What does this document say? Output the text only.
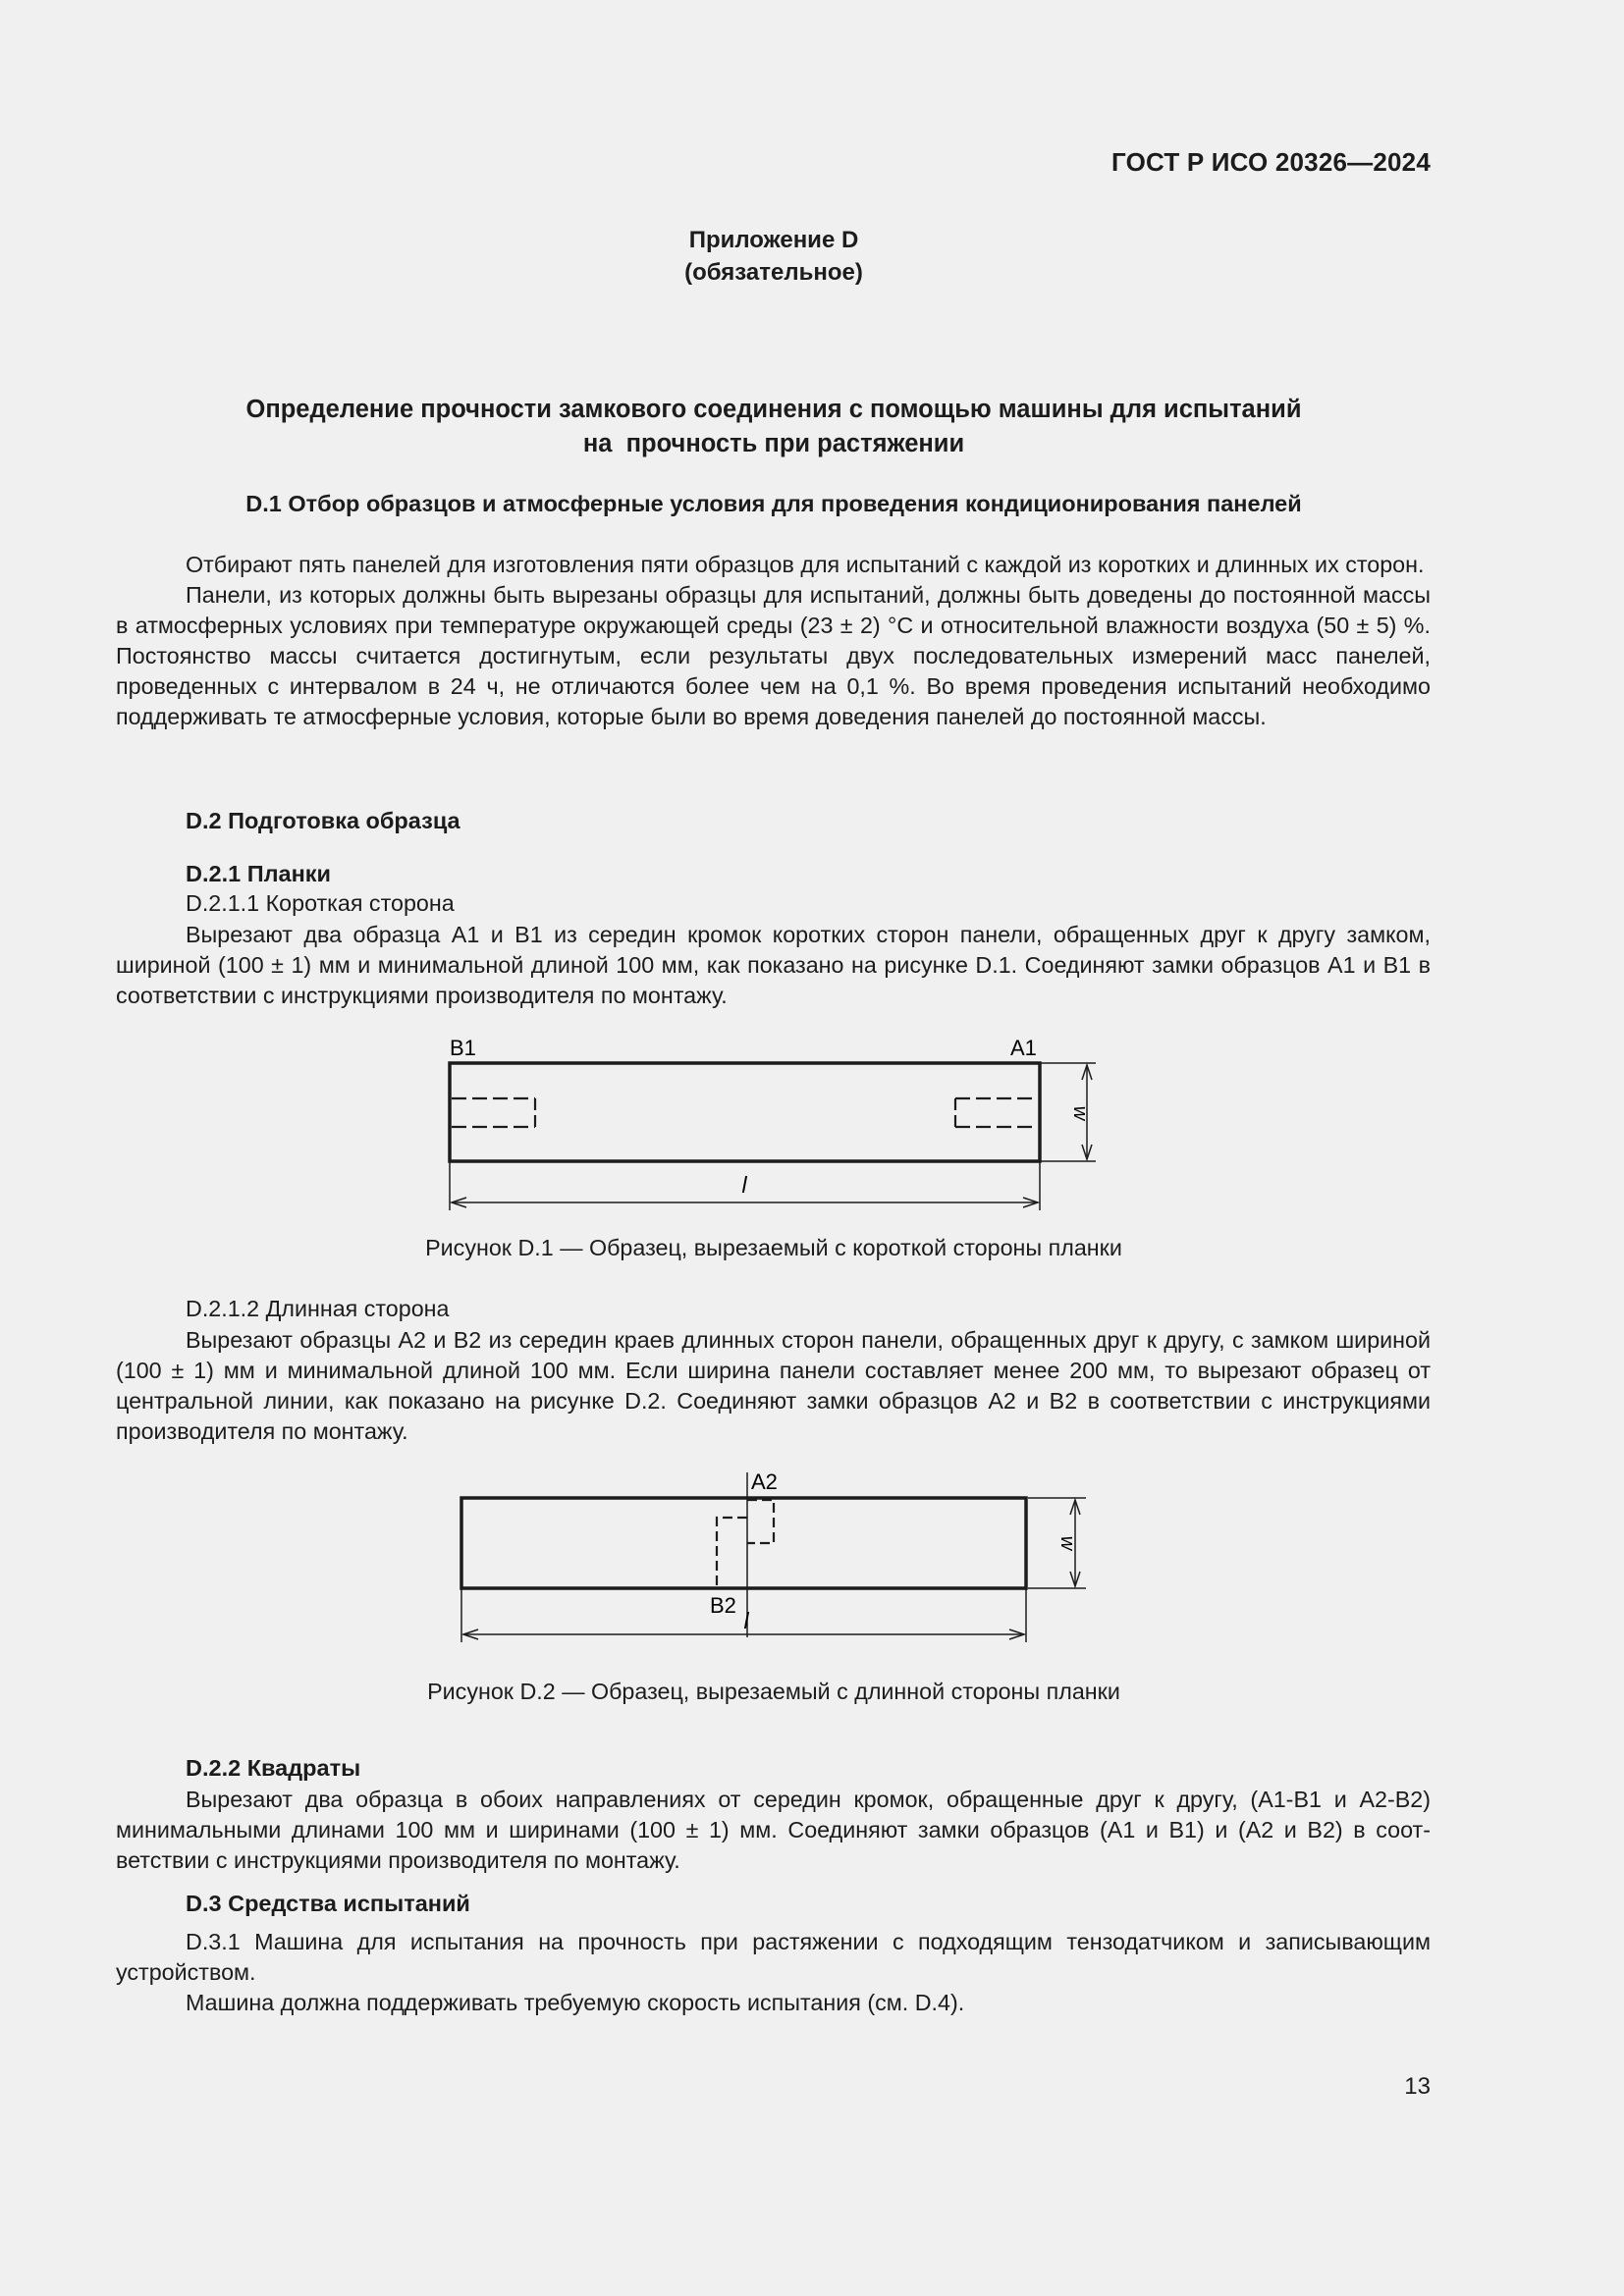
ГОСТ Р ИСО 20326—2024
Приложение D
(обязательное)
Определение прочности замкового соединения с помощью машины для испытаний
на  прочность при растяжении
D.1 Отбор образцов и атмосферные условия для проведения кондиционирования панелей

Отбирают пять панелей для изготовления пяти образцов для испытаний с каждой из коротких и длинных их сторон.

Панели, из которых должны быть вырезаны образцы для испытаний, должны быть доведены до постоянной массы в атмосферных условиях при температуре окружающей среды (23 ± 2) °С и относительной влажности воздуха (50 ± 5) %. Постоянство массы считается достигнутым, если результаты двух последовательных измерений масс панелей, проведенных с интервалом в 24 ч, не отличаются более чем на 0,1 %. Во время проведения испытаний необходимо поддерживать те атмосферные условия, которые были во время доведения панелей до постоянной массы.

D.2 Подготовка образца
D.2.1 Планки
D.2.1.1 Короткая сторона

Вырезают два образца А1 и В1 из середин кромок коротких сторон панели, обращенных друг к другу замком, шириной (100 ± 1) мм и минимальной длиной 100 мм, как показано на рисунке D.1. Соединяют замки образцов А1 и В1 в соответствии с инструкциями производителя по монтажу.

w
l
В1	А1
Рисунок D.1 — Образец, вырезаемый с короткой стороны планки
D.2.1.2 Длинная сторона

Вырезают образцы А2 и В2 из середин краев длинных сторон панели, обращенных друг к другу, с замком шириной (100 ± 1) мм и минимальной длиной 100 мм. Если ширина панели составляет менее 200 мм, то вырезают образец от центральной линии, как показано на рисунке D.2. Соединяют замки образцов А2 и В2 в соответствии с инструкциями производителя по монтажу.

w
l
А2
В2
Рисунок D.2 — Образец, вырезаемый с длинной стороны планки
D.2.2 Квадраты

Вырезают два образца в обоих направлениях от середин кромок, обращенные друг к другу, (А1-В1 и А2-В2) минимальными длинами 100 мм и ширинами (100 ± 1) мм. Соединяют замки образцов (А1 и В1) и (А2 и В2) в соответствии с инструкциями производителя по монтажу.

D.3 Средства испытаний

D.3.1 Машина для испытания на прочность при растяжении с подходящим тензодатчиком и записывающим устройством.

Машина должна поддерживать требуемую скорость испытания (см. D.4).

13
